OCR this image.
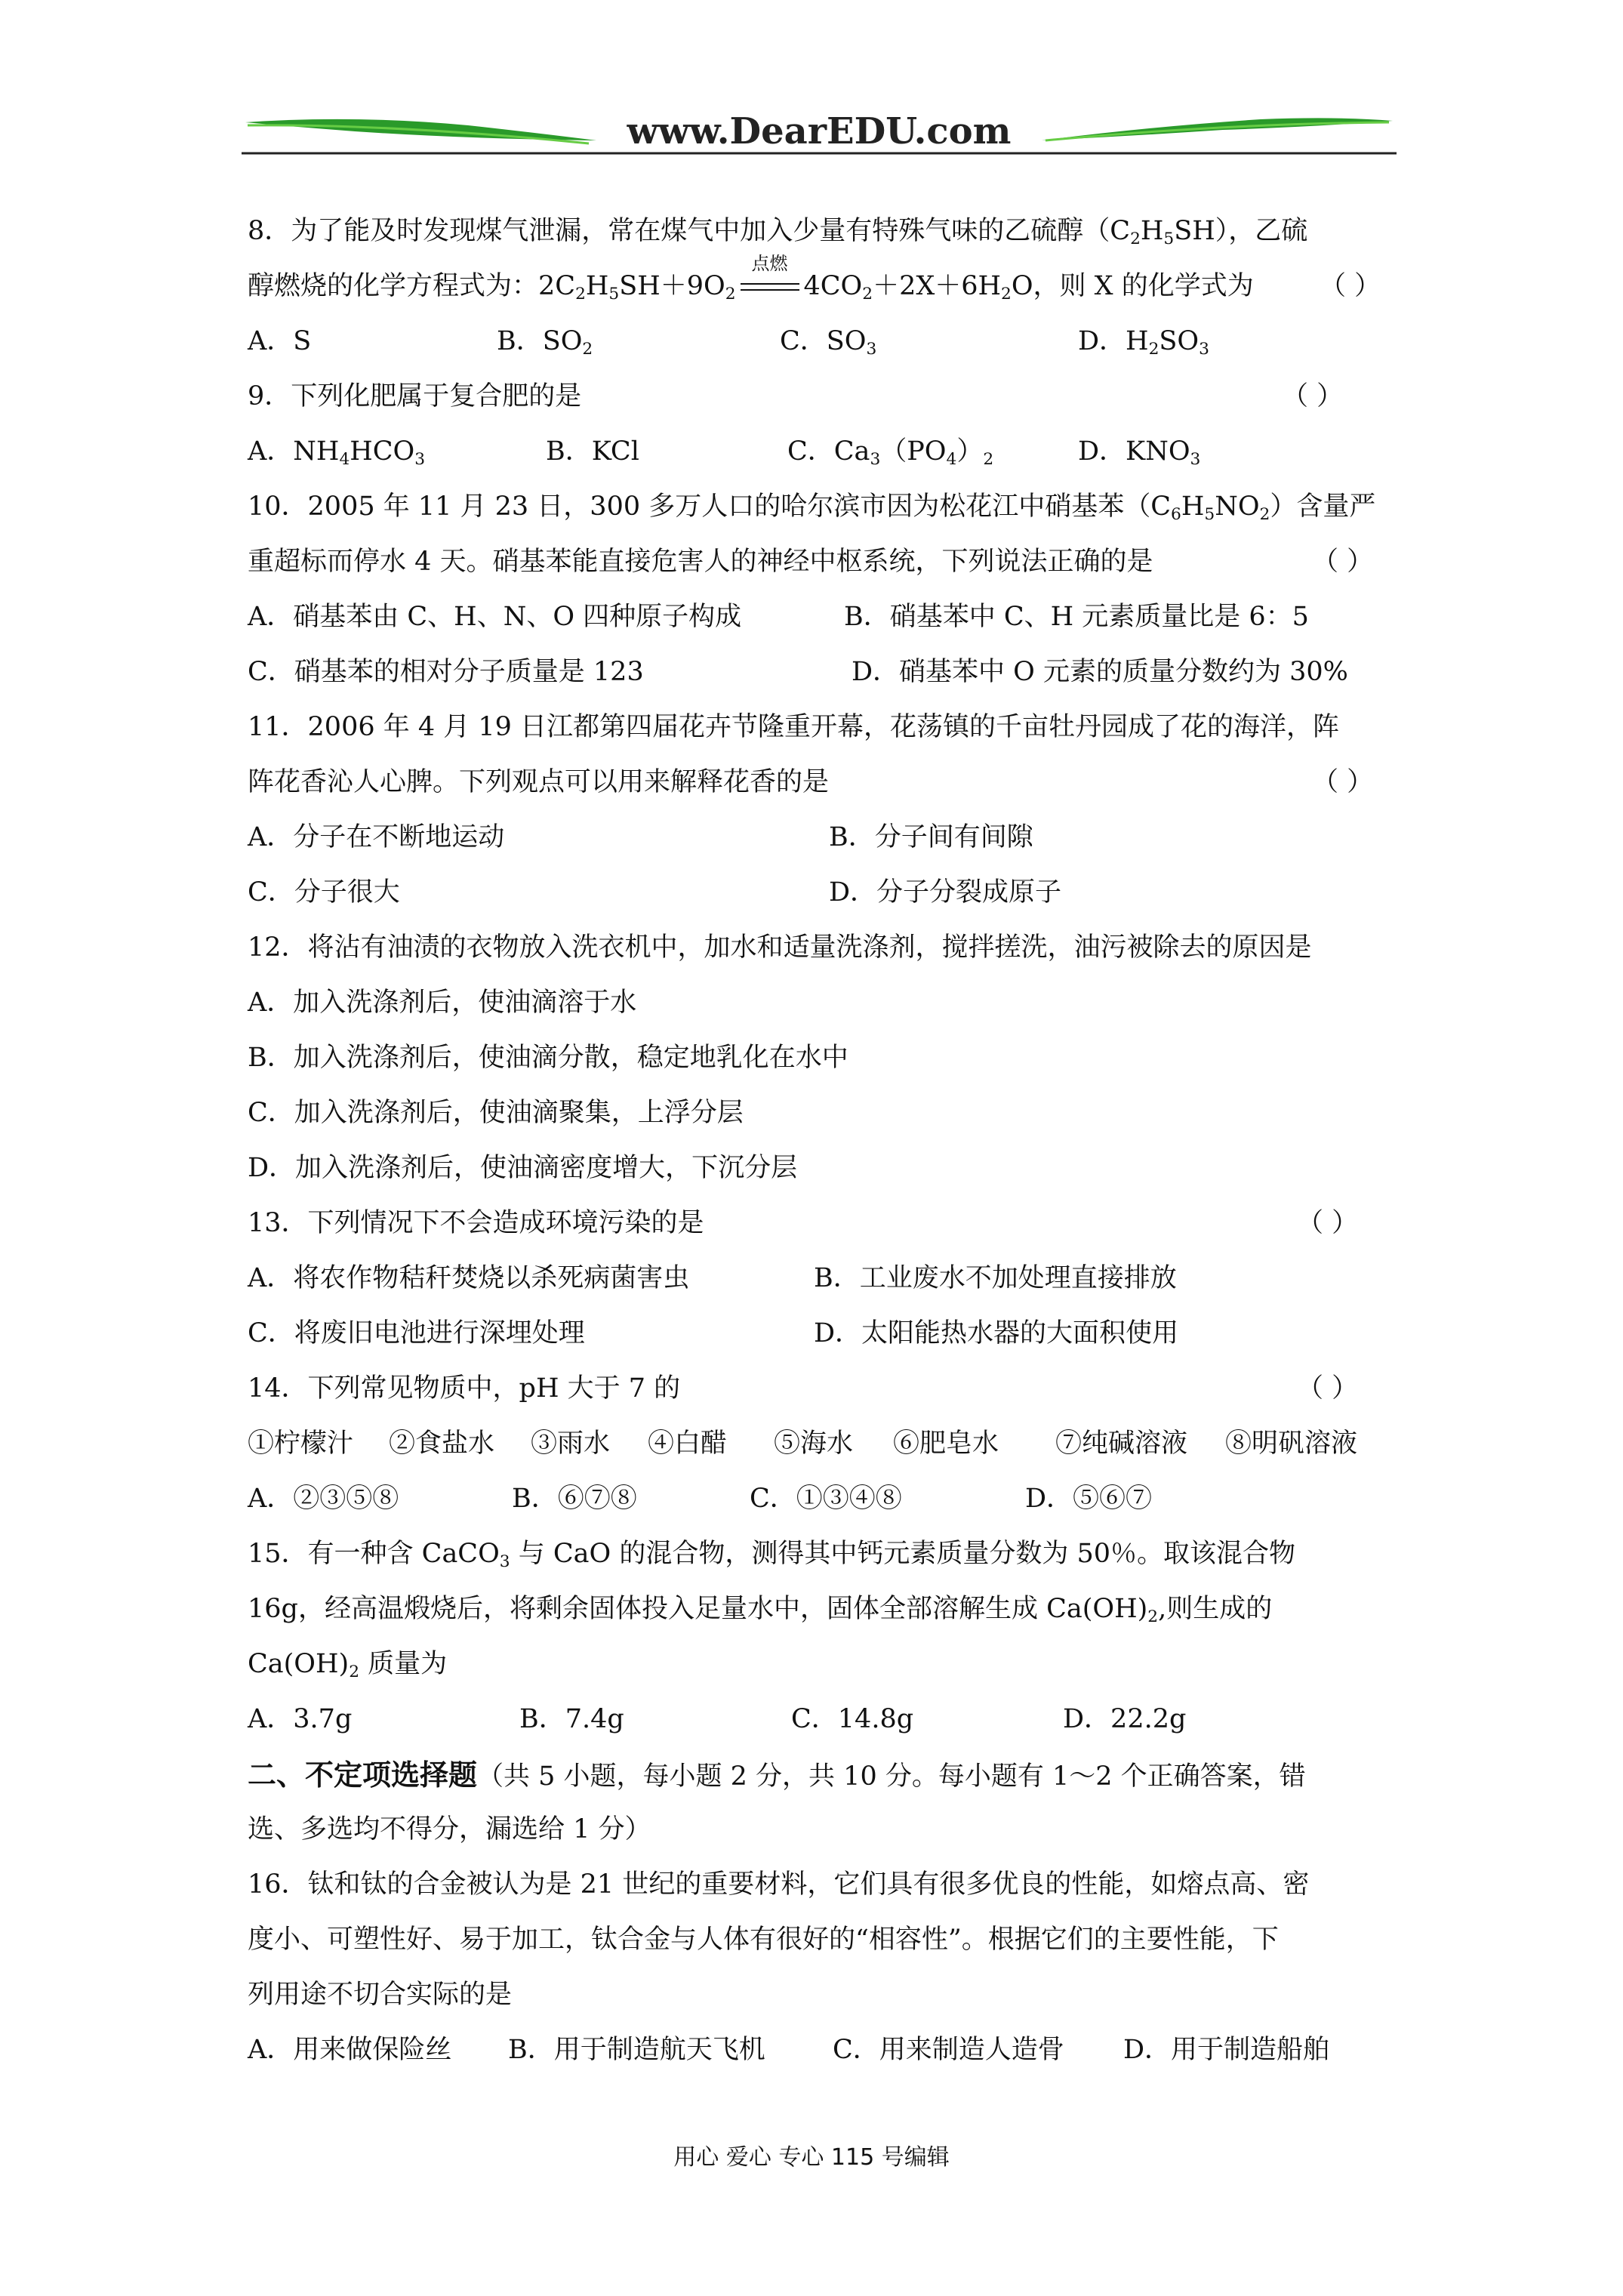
www.DearEDU.com
8．为了能及时发现煤气泄漏，常在煤气中加入少量有特殊气味的乙硫醇$(C_2H_5SH)$，乙硫
醇燃烧的化学方程式为：$2C_2H_5SH+9O_2$
点燃
$4CO_2+2X+6H_2O$，则 X 的化学式为 （ ）
A．S	B．$SO_2$	C．$SO_3$	D．$H_2SO_3$
9．下列化肥属于复合肥的是	（ ）
A．$NH_4HCO_3$	B．KCl	C．$Ca_3(PO_4)_2$	D．$KNO_3$
10．2005 年 11 月 23 日，300 多万人口的哈尔滨市因为松花江中硝基苯$(C_6H_5NO_2)$含量严
重超标而停水 4 天。硝基苯能直接危害人的神经中枢系统，下列说法正确的是	（ ）
A．硝基苯由 C、H、N、O 四种原子构成	B．硝基苯中 C、H 元素质量比是 6：5
C．硝基苯的相对分子质量是 123	D．硝基苯中 O 元素的质量分数约为 30%
11．2006 年 4 月 19 日江都第四届花卉节隆重开幕，花荡镇的千亩牡丹园成了花的海洋，阵
阵花香沁人心脾。下列观点可以用来解释花香的是	（ ）
A．分子在不断地运动	B．分子间有间隙
C．分子很大	D．分子分裂成原子
12．将沾有油渍的衣物放入洗衣机中，加水和适量洗涤剂，搅拌搓洗，油污被除去的原因是
A．加入洗涤剂后，使油滴溶于水
B．加入洗涤剂后，使油滴分散，稳定地乳化在水中
C．加入洗涤剂后，使油滴聚集，上浮分层
D．加入洗涤剂后，使油滴密度增大，下沉分层
13．下列情况下不会造成环境污染的是	（ ）
A．将农作物秸秆焚烧以杀死病菌害虫	B．工业废水不加处理直接排放
C．将废旧电池进行深埋处理	D．太阳能热水器的大面积使用
14．下列常见物质中，pH 大于 7 的	（ ）
①柠檬汁 ②食盐水 ③雨水 ④白醋 ⑤海水 ⑥肥皂水 ⑦纯碱溶液 ⑧明矾溶液
A．②③⑤⑧	B．⑥⑦⑧	C．①③④⑧	D．⑤⑥⑦
15．有一种含 CaCO$_3$ 与 CaO 的混合物，测得其中钙元素质量分数为 50％。取该混合物
16g，经高温煅烧后，将剩余固体投入足量水中，固体全部溶解生成 $Ca(OH)_2$,则生成的
$Ca(OH)_2$ 质量为
A．3.7g	B．7.4g	C．14.8g	D．22.2g
二、不定项选择题（共 5 小题，每小题 2 分，共 10 分。每小题有 1～2 个正确答案，错
选、多选均不得分，漏选给 1 分）
16．钛和钛的合金被认为是 21 世纪的重要材料，它们具有很多优良的性能，如熔点高、密
度小、可塑性好、易于加工，钛合金与人体有很好的“相容性”。根据它们的主要性能，下
列用途不切合实际的是
A．用来做保险丝 B．用于制造航天飞机	C．用来制造人造骨 D．用于制造船舶
用心 爱心 专心 115 号编辑
